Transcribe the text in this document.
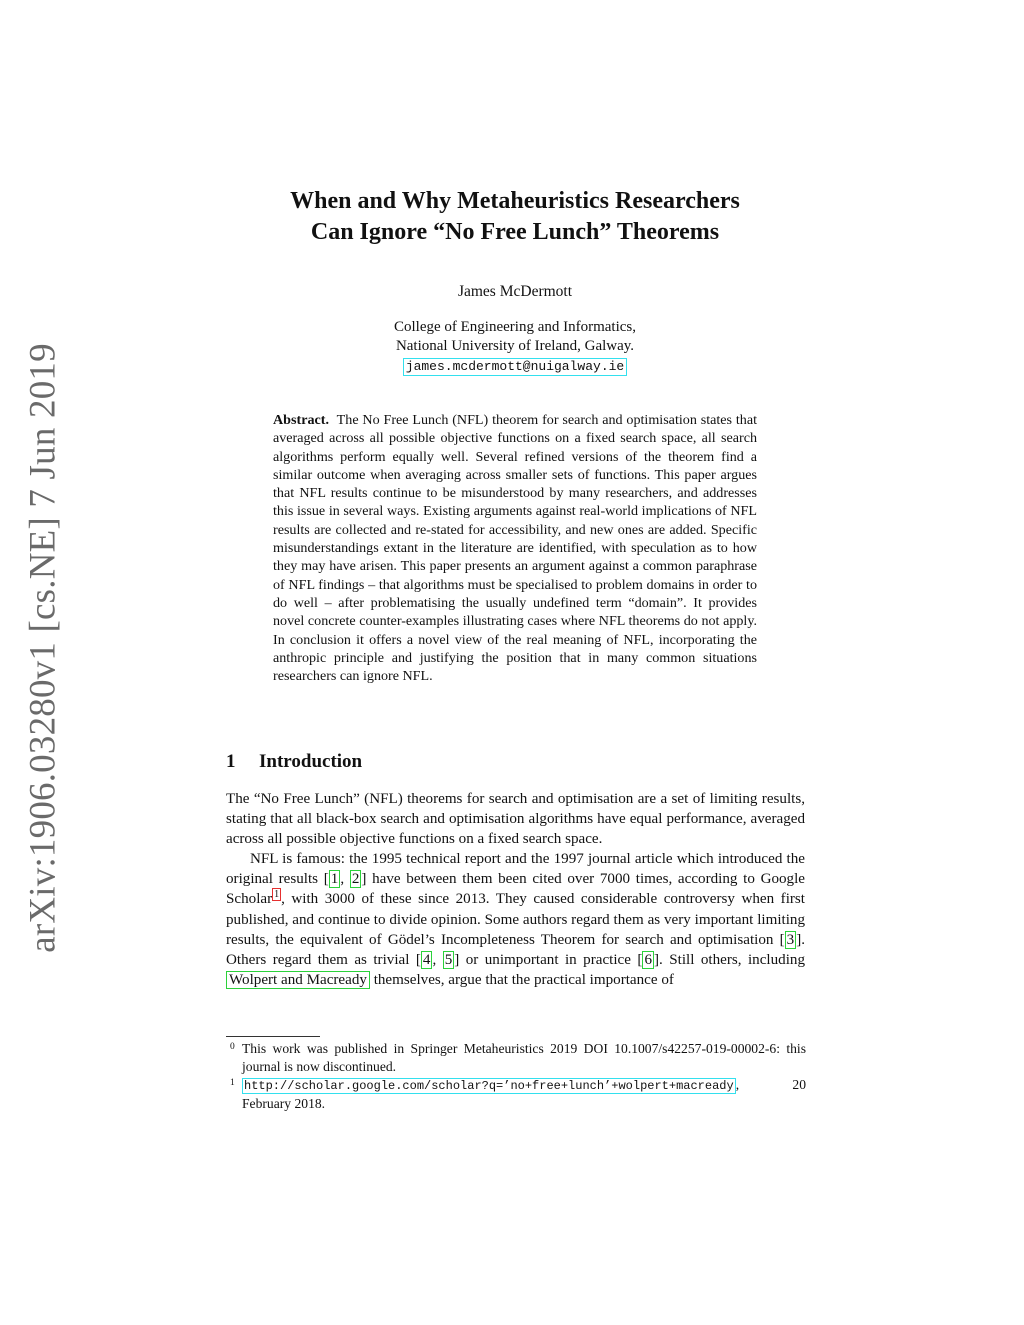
arXiv:1906.03280v1 [cs.NE] 7 Jun 2019
When and Why Metaheuristics Researchers
Can Ignore “No Free Lunch” Theorems
James McDermott
College of Engineering and Informatics,
National University of Ireland, Galway.
james.mcdermott@nuigalway.ie
Abstract. The No Free Lunch (NFL) theorem for search and optimisation states that averaged across all possible objective functions on a fixed search space, all search algorithms perform equally well. Several refined versions of the theorem find a similar outcome when averaging across smaller sets of functions. This paper argues that NFL results continue to be misunderstood by many researchers, and addresses this issue in several ways. Existing arguments against real-world implications of NFL results are collected and re-stated for accessibility, and new ones are added. Specific misunderstandings extant in the literature are identified, with speculation as to how they may have arisen. This paper presents an argument against a common paraphrase of NFL findings – that algorithms must be specialised to problem domains in order to do well – after problematising the usually undefined term “domain”. It provides novel concrete counter-examples illustrating cases where NFL theorems do not apply. In conclusion it offers a novel view of the real meaning of NFL, incorporating the anthropic principle and justifying the position that in many common situations researchers can ignore NFL.
1 Introduction

The “No Free Lunch” (NFL) theorems for search and optimisation are a set of limiting results, stating that all black-box search and optimisation algorithms have equal performance, averaged across all possible objective functions on a fixed search space.

NFL is famous: the 1995 technical report and the 1997 journal article which introduced the original results [ 1 , 2 ] have between them been cited over 7000 times, according to Google Scholar $^1$ , with 3000 of these since 2013. They caused considerable controversy when first published, and continue to divide opinion. Some authors regard them as very important limiting results, the equivalent of Gödel’s Incompleteness Theorem for search and optimisation [ 3 ]. Others regard them as trivial [ 4 , 5 ] or unimportant in practice [ 6 ]. Still others, including Wolpert and Macready themselves, argue that the practical importance of

0 This work was published in Springer Metaheuristics 2019 DOI 10.1007/s42257-019-00002-6: this journal is now discontinued.
1 http://scholar.google.com/scholar?q=’no+free+lunch’+wolpert+macready , 20 February 2018.
